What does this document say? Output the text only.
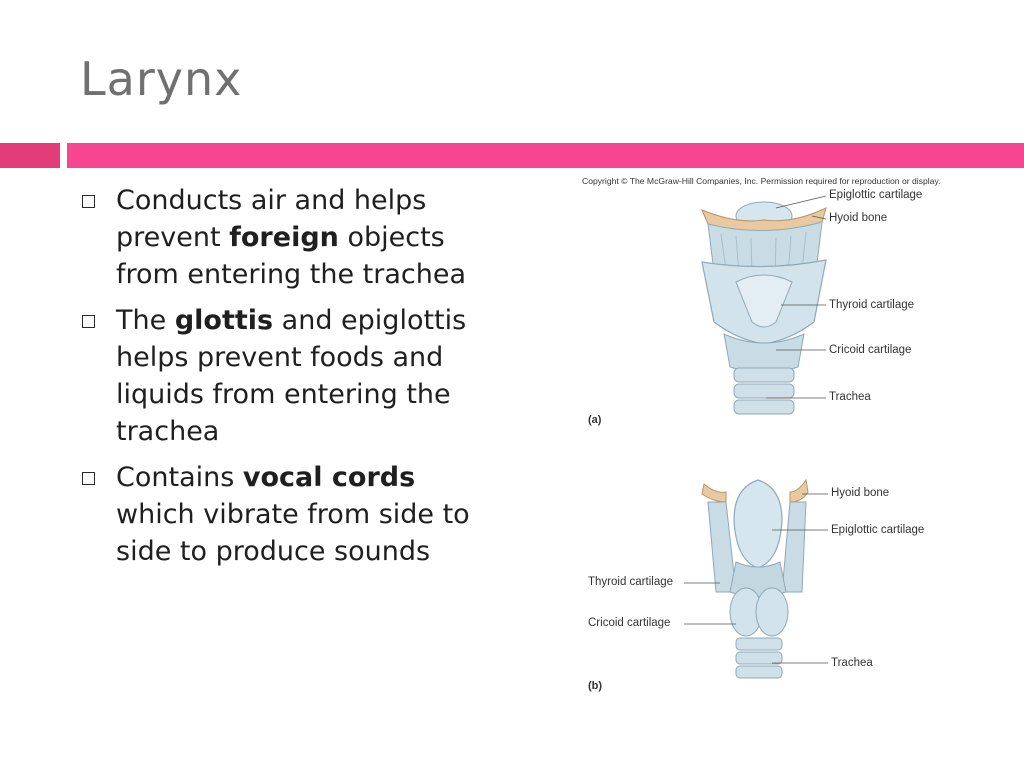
Larynx
Conducts air and helps prevent foreign objects from entering the trachea
The glottis and epiglottis helps prevent foods and liquids from entering the trachea
Contains vocal cords which vibrate from side to side to produce sounds
Copyright © The McGraw-Hill Companies, Inc. Permission required for reproduction or display.
Epiglottic cartilage
Hyoid bone
Thyroid cartilage
Cricoid cartilage
Trachea
(a)
Hyoid bone
Epiglottic cartilage
Thyroid cartilage
Cricoid cartilage
Trachea
(b)
